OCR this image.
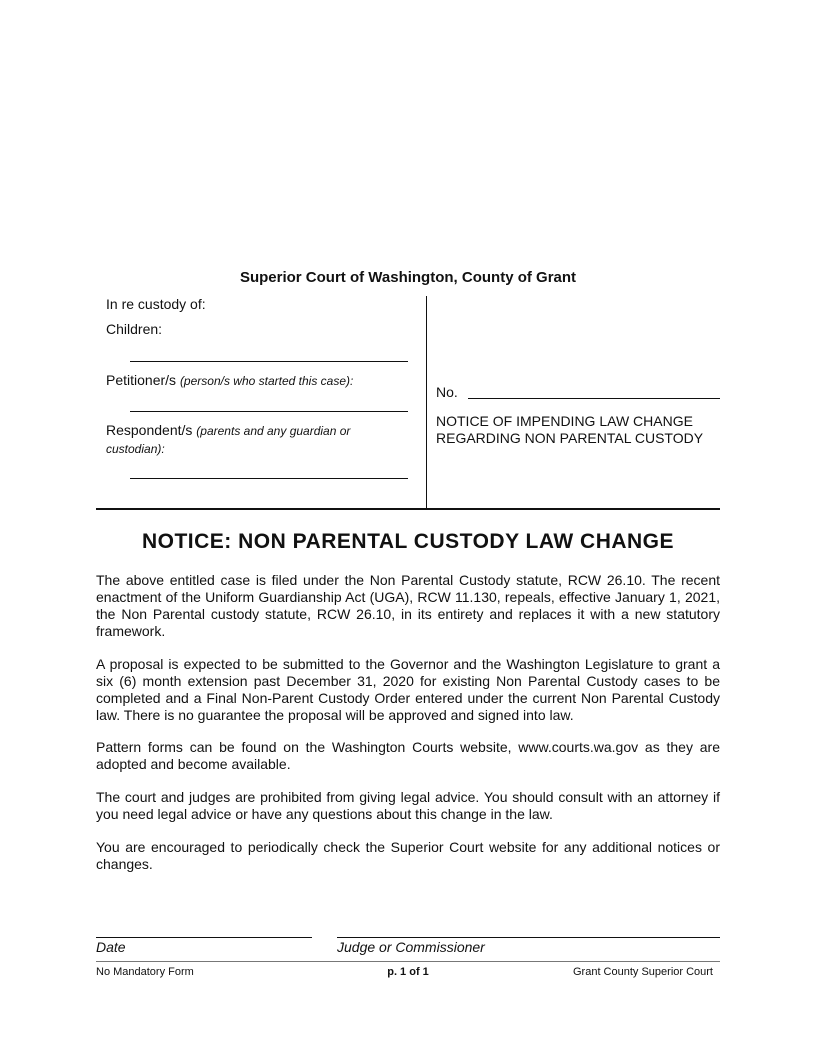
Superior Court of Washington, County of Grant
In re custody of:
Children:
Petitioner/s (person/s who started this case):
Respondent/s (parents and any guardian or custodian):
No.
NOTICE OF IMPENDING LAW CHANGE REGARDING NON PARENTAL CUSTODY
NOTICE: NON PARENTAL CUSTODY LAW CHANGE

The above entitled case is filed under the Non Parental Custody statute, RCW 26.10. The recent enactment of the Uniform Guardianship Act (UGA), RCW 11.130, repeals, effective January 1, 2021, the Non Parental custody statute, RCW 26.10, in its entirety and replaces it with a new statutory framework.

A proposal is expected to be submitted to the Governor and the Washington Legislature to grant a six (6) month extension past December 31, 2020 for existing Non Parental Custody cases to be completed and a Final Non-Parent Custody Order entered under the current Non Parental Custody law. There is no guarantee the proposal will be approved and signed into law.

Pattern forms can be found on the Washington Courts website, www.courts.wa.gov as they are adopted and become available.

The court and judges are prohibited from giving legal advice. You should consult with an attorney if you need legal advice or have any questions about this change in the law.

You are encouraged to periodically check the Superior Court website for any additional notices or changes.

Date	Judge or Commissioner
No Mandatory Form	p. 1 of 1	Grant County Superior Court
